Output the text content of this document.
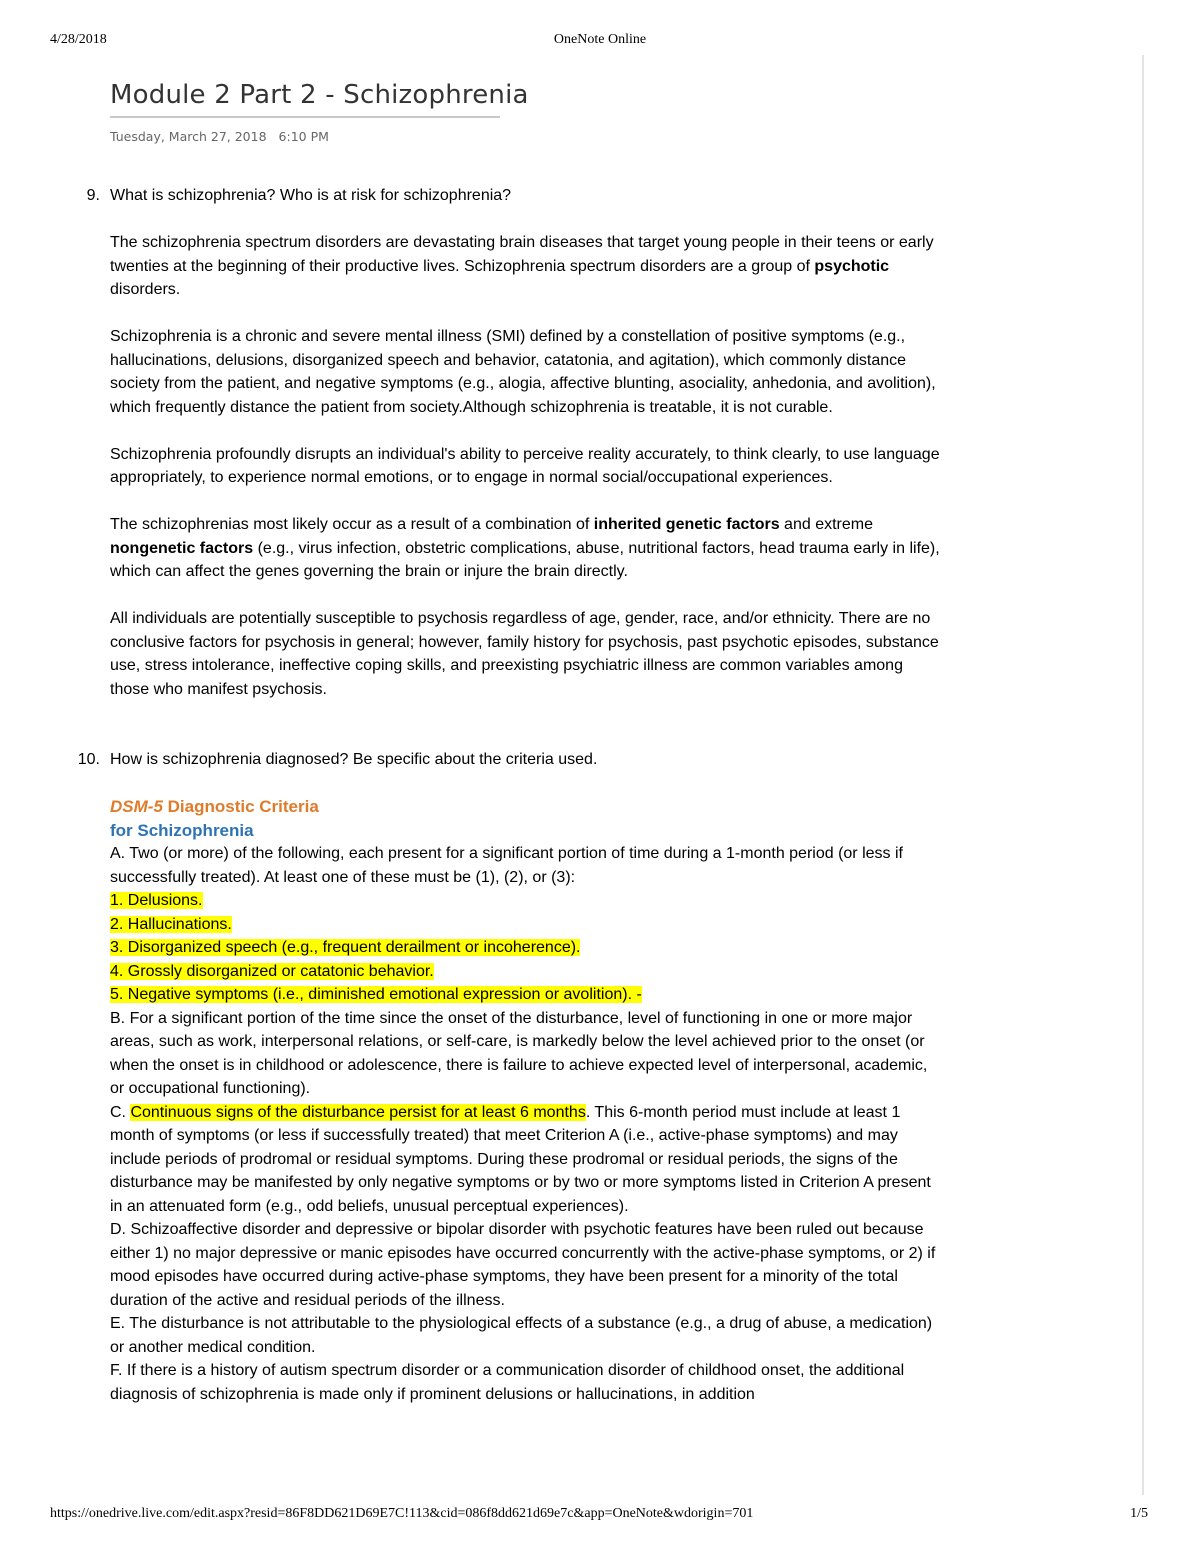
4/28/2018	OneNote Online
Module 2 Part 2 - Schizophrenia
Tuesday, March 27, 2018 6:10 PM
9. What is schizophrenia? Who is at risk for schizophrenia?

The schizophrenia spectrum disorders are devastating brain diseases that target young people in their teens or early twenties at the beginning of their productive lives. Schizophrenia spectrum disorders are a group of psychotic disorders.

Schizophrenia is a chronic and severe mental illness (SMI) defined by a constellation of positive symptoms (e.g., hallucinations, delusions, disorganized speech and behavior, catatonia, and agitation), which commonly distance society from the patient, and negative symptoms (e.g., alogia, affective blunting, asociality, anhedonia, and avolition), which frequently distance the patient from society.Although schizophrenia is treatable, it is not curable.

Schizophrenia profoundly disrupts an individual's ability to perceive reality accurately, to think clearly, to use language appropriately, to experience normal emotions, or to engage in normal social/occupational experiences.

The schizophrenias most likely occur as a result of a combination of inherited genetic factors and extreme nongenetic factors (e.g., virus infection, obstetric complications, abuse, nutritional factors, head trauma early in life), which can affect the genes governing the brain or injure the brain directly.

All individuals are potentially susceptible to psychosis regardless of age, gender, race, and/or ethnicity. There are no conclusive factors for psychosis in general; however, family history for psychosis, past psychotic episodes, substance use, stress intolerance, ineffective coping skills, and preexisting psychiatric illness are common variables among those who manifest psychosis.

10. How is schizophrenia diagnosed? Be specific about the criteria used.

DSM-5 Diagnostic Criteria

for Schizophrenia

A. Two (or more) of the following, each present for a significant portion of time during a 1-month period (or less if successfully treated). At least one of these must be (1), (2), or (3):

1. Delusions.

2. Hallucinations.

3. Disorganized speech (e.g., frequent derailment or incoherence).

4. Grossly disorganized or catatonic behavior.

5. Negative symptoms (i.e., diminished emotional expression or avolition). -

B. For a significant portion of the time since the onset of the disturbance, level of functioning in one or more major areas, such as work, interpersonal relations, or self-care, is markedly below the level achieved prior to the onset (or when the onset is in childhood or adolescence, there is failure to achieve expected level of interpersonal, academic, or occupational functioning).

C. Continuous signs of the disturbance persist for at least 6 months. This 6-month period must include at least 1 month of symptoms (or less if successfully treated) that meet Criterion A (i.e., active-phase symptoms) and may include periods of prodromal or residual symptoms. During these prodromal or residual periods, the signs of the disturbance may be manifested by only negative symptoms or by two or more symptoms listed in Criterion A present in an attenuated form (e.g., odd beliefs, unusual perceptual experiences).

D. Schizoaffective disorder and depressive or bipolar disorder with psychotic features have been ruled out because either 1) no major depressive or manic episodes have occurred concurrently with the active-phase symptoms, or 2) if mood episodes have occurred during active-phase symptoms, they have been present for a minority of the total duration of the active and residual periods of the illness.

E. The disturbance is not attributable to the physiological effects of a substance (e.g., a drug of abuse, a medication) or another medical condition.

F. If there is a history of autism spectrum disorder or a communication disorder of childhood onset, the additional diagnosis of schizophrenia is made only if prominent delusions or hallucinations, in addition

https://onedrive.live.com/edit.aspx?resid=86F8DD621D69E7C!113&cid=086f8dd621d69e7c&app=OneNote&wdorigin=701	1/5
